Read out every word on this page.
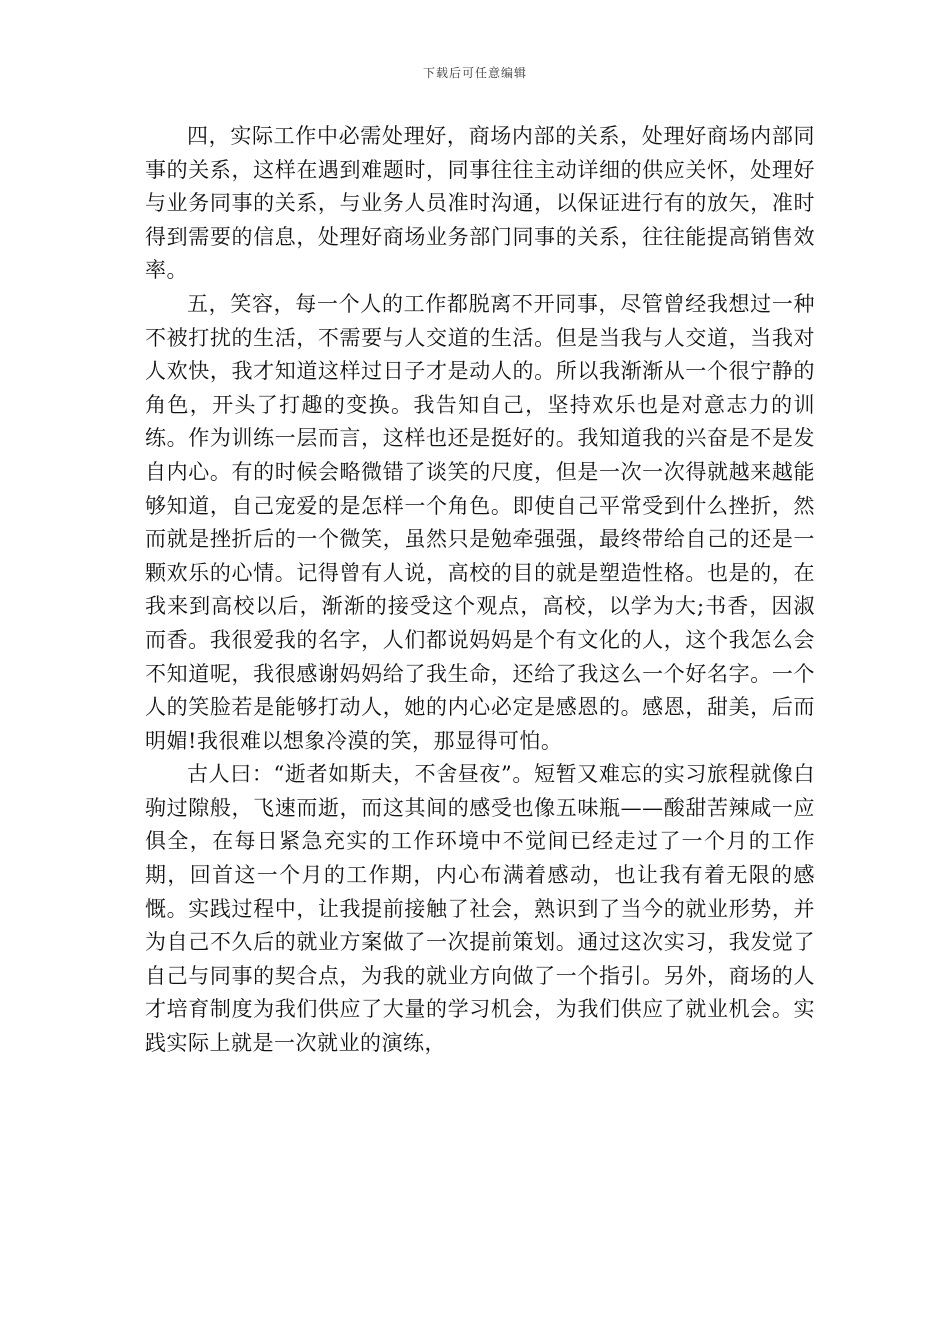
下载后可任意编辑

四，实际工作中必需处理好，商场内部的关系，处理好商场内部同事的关系，这样在遇到难题时，同事往往主动详细的供应关怀，处理好与业务同事的关系，与业务人员准时沟通，以保证进行有的放矢，准时得到需要的信息，处理好商场业务部门同事的关系，往往能提高销售效率。

五，笑容，每一个人的工作都脱离不开同事，尽管曾经我想过一种不被打扰的生活，不需要与人交道的生活。但是当我与人交道，当我对人欢快，我才知道这样过日子才是动人的。所以我渐渐从一个很宁静的角色，开头了打趣的变换。我告知自己，坚持欢乐也是对意志力的训练。作为训练一层而言，这样也还是挺好的。我知道我的兴奋是不是发自内心。有的时候会略微错了谈笑的尺度，但是一次一次得就越来越能够知道，自己宠爱的是怎样一个角色。即使自己平常受到什么挫折，然而就是挫折后的一个微笑，虽然只是勉牵强强，最终带给自己的还是一颗欢乐的心情。记得曾有人说，高校的目的就是塑造性格。也是的，在我来到高校以后，渐渐的接受这个观点，高校，以学为大;书香，因淑而香。我很爱我的名字，人们都说妈妈是个有文化的人，这个我怎么会不知道呢，我很感谢妈妈给了我生命，还给了我这么一个好名字。一个人的笑脸若是能够打动人，她的内心必定是感恩的。感恩，甜美，后而明媚!我很难以想象冷漠的笑，那显得可怕。

古人曰：“逝者如斯夫，不舍昼夜”。短暂又难忘的实习旅程就像白驹过隙般，飞速而逝，而这其间的感受也像五味瓶——酸甜苦辣咸一应俱全，在每日紧急充实的工作环境中不觉间已经走过了一个月的工作期，回首这一个月的工作期，内心布满着感动，也让我有着无限的感慨。实践过程中，让我提前接触了社会，熟识到了当今的就业形势，并为自己不久后的就业方案做了一次提前策划。通过这次实习，我发觉了自己与同事的契合点，为我的就业方向做了一个指引。另外，商场的人才培育制度为我们供应了大量的学习机会，为我们供应了就业机会。实践实际上就是一次就业的演练，
